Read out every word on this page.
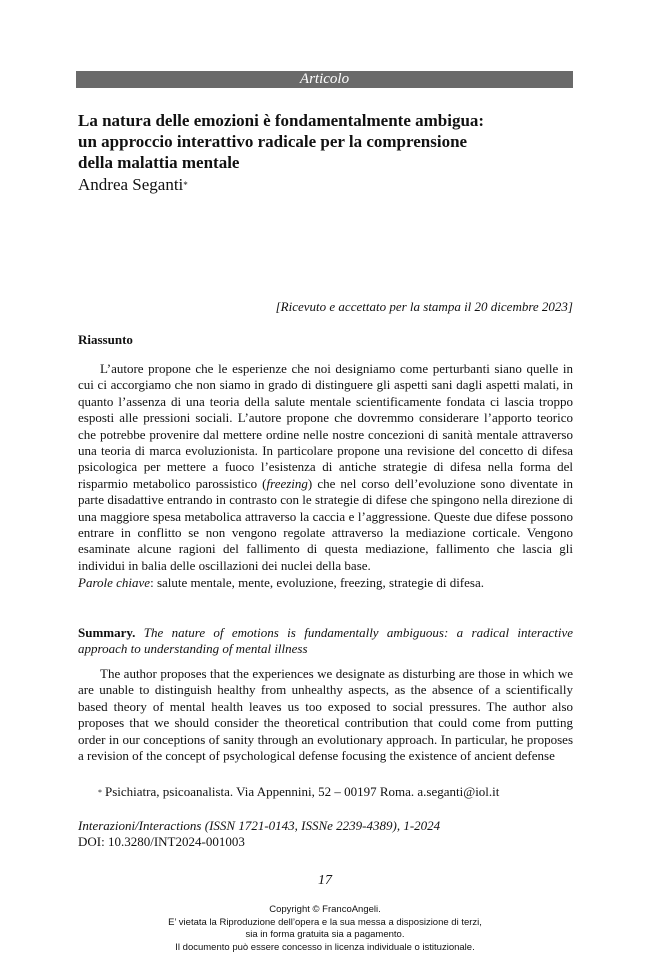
Articolo
La natura delle emozioni è fondamentalmente ambigua:
un approccio interattivo radicale per la comprensione
della malattia mentale
Andrea Seganti*
[Ricevuto e accettato per la stampa il 20 dicembre 2023]
Riassunto
L’autore propone che le esperienze che noi designiamo come perturbanti siano quelle in cui ci accorgiamo che non siamo in grado di distinguere gli aspetti sani dagli aspetti malati, in quanto l’assenza di una teoria della salute mentale scientificamente fondata ci lascia troppo esposti alle pressioni sociali. L’autore propone che dovremmo considerare l’apporto teorico che potrebbe provenire dal mettere ordine nelle nostre concezioni di sanità mentale attraverso una teoria di marca evoluzionista. In particolare propone una revisione del concetto di difesa psicologica per mettere a fuoco l’esistenza di antiche strategie di difesa nella forma del risparmio metabolico parossistico (freezing) che nel corso dell’evoluzione sono diventate in parte disadattive entrando in contrasto con le strategie di difese che spingono nella direzione di una maggiore spesa metabolica attraverso la caccia e l’aggressione. Queste due difese possono entrare in conflitto se non vengono regolate attraverso la mediazione corticale. Vengono esaminate alcune ragioni del fallimento di questa mediazione, fallimento che lascia gli individui in balia delle oscillazioni dei nuclei della base.
Parole chiave: salute mentale, mente, evoluzione, freezing, strategie di difesa.
Summary. The nature of emotions is fundamentally ambiguous: a radical interactive approach to understanding of mental illness
The author proposes that the experiences we designate as disturbing are those in which we are unable to distinguish healthy from unhealthy aspects, as the absence of a scientifically based theory of mental health leaves us too exposed to social pressures. The author also proposes that we should consider the theoretical contribution that could come from putting order in our conceptions of sanity through an evolutionary approach. In particular, he proposes a revision of the concept of psychological defense focusing the existence of ancient defense
* Psichiatra, psicoanalista. Via Appennini, 52 – 00197 Roma. a.seganti@iol.it
Interazioni/Interactions (ISSN 1721-0143, ISSNe 2239-4389), 1-2024
DOI: 10.3280/INT2024-001003
17
Copyright © FrancoAngeli.
E’ vietata la Riproduzione dell’opera e la sua messa a disposizione di terzi,
sia in forma gratuita sia a pagamento.
Il documento può essere concesso in licenza individuale o istituzionale.
